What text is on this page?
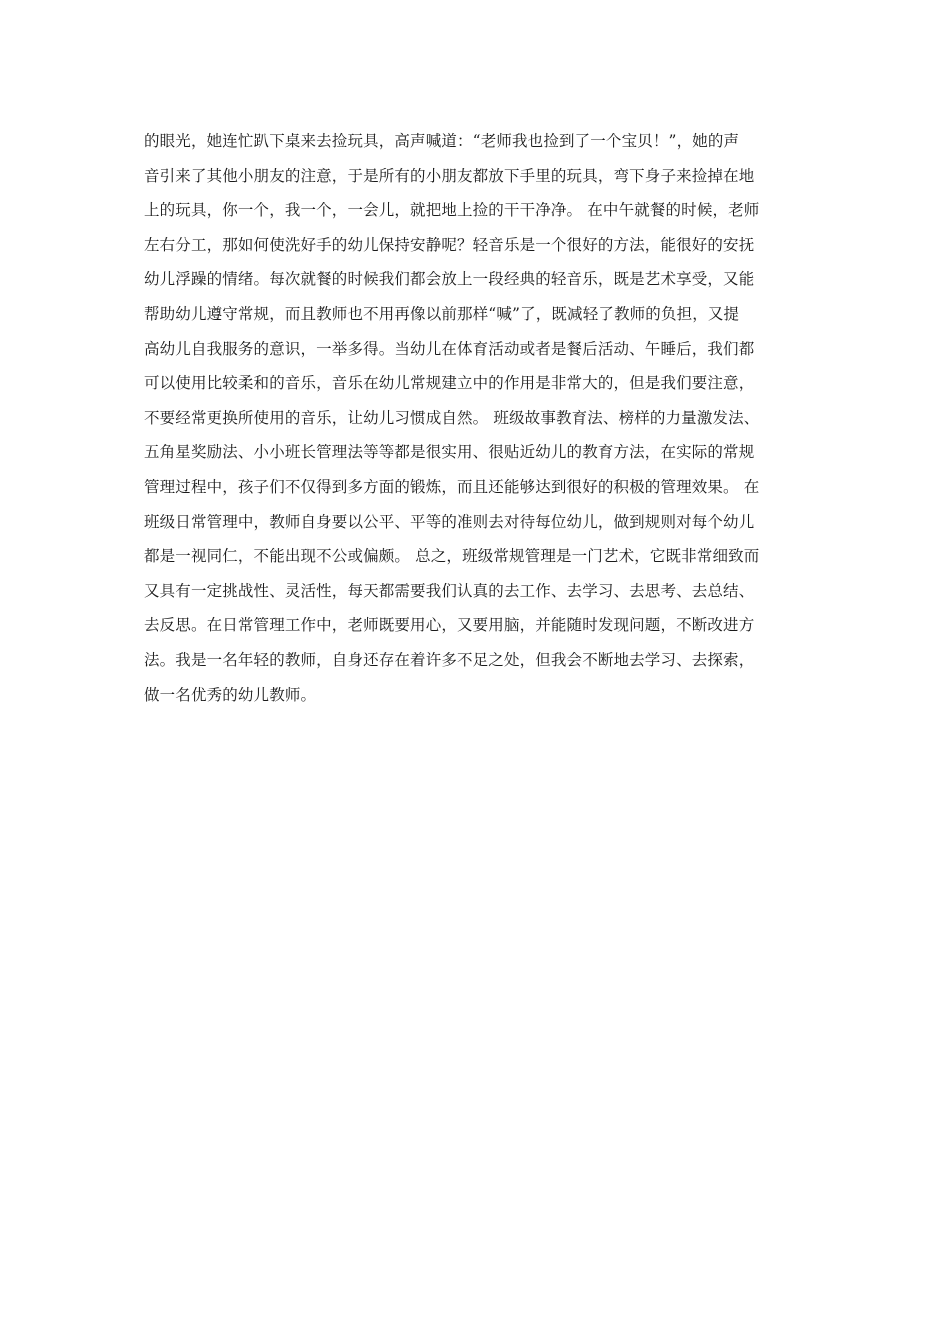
的眼光，她连忙趴下桌来去捡玩具，高声喊道：“老师我也捡到了一个宝贝！”，她的声
音引来了其他小朋友的注意，于是所有的小朋友都放下手里的玩具，弯下身子来捡掉在地
上的玩具，你一个，我一个，一会儿，就把地上捡的干干净净。 在中午就餐的时候，老师
左右分工，那如何使洗好手的幼儿保持安静呢？轻音乐是一个很好的方法，能很好的安抚
幼儿浮躁的情绪。每次就餐的时候我们都会放上一段经典的轻音乐，既是艺术享受，又能
帮助幼儿遵守常规，而且教师也不用再像以前那样“喊”了，既减轻了教师的负担，又提
高幼儿自我服务的意识，一举多得。当幼儿在体育活动或者是餐后活动、午睡后，我们都
可以使用比较柔和的音乐，音乐在幼儿常规建立中的作用是非常大的，但是我们要注意，
不要经常更换所使用的音乐，让幼儿习惯成自然。 班级故事教育法、榜样的力量激发法、
五角星奖励法、小小班长管理法等等都是很实用、很贴近幼儿的教育方法，在实际的常规
管理过程中，孩子们不仅得到多方面的锻炼，而且还能够达到很好的积极的管理效果。 在
班级日常管理中，教师自身要以公平、平等的准则去对待每位幼儿，做到规则对每个幼儿
都是一视同仁，不能出现不公或偏颇。 总之，班级常规管理是一门艺术，它既非常细致而
又具有一定挑战性、灵活性，每天都需要我们认真的去工作、去学习、去思考、去总结、
去反思。在日常管理工作中，老师既要用心，又要用脑，并能随时发现问题，不断改进方
法。我是一名年轻的教师，自身还存在着许多不足之处，但我会不断地去学习、去探索，
做一名优秀的幼儿教师。
